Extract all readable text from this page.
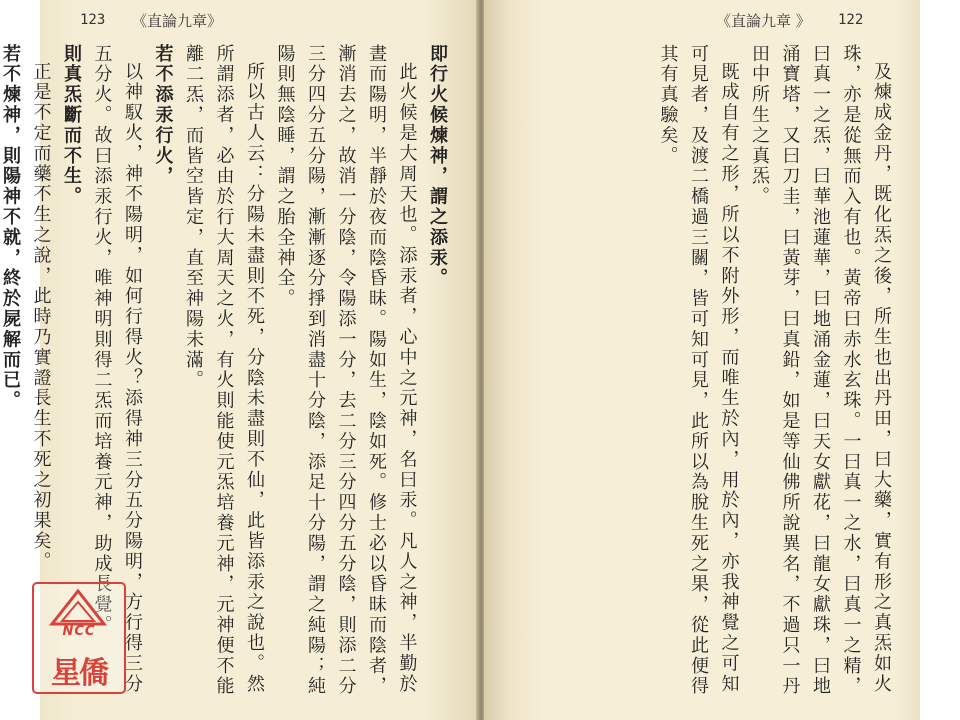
123 《直論九章》

即行火候煉神，謂之添汞。

此火候是大周天也。添汞者，心中之元神，名曰汞。凡人之神，半勤於晝而陽明，半靜於夜而陰昏昧。陽如生，陰如死。修士必以昏昧而陰者，漸消去之，故消一分陰，令陽添一分，去二分三分四分五分陰，則添二分三分四分五分陽，漸漸逐分掙到消盡十分陰，添足十分陽，謂之純陽；純陽則無陰睡，謂之胎全神全。

所以古人云：分陽未盡則不死，分陰未盡則不仙，此皆添汞之說也。然所謂添者，必由於行大周天之火，有火則能使元炁培養元神，元神便不能離二炁，而皆空皆定，直至神陽未滿。

若不添汞行火，

以神馭火，神不陽明，如何行得火？添得神三分五分陽明，方行得三分五分火。故曰添汞行火，唯神明則得二炁而培養元神，助成長覺。

則真炁斷而不生。

正是不定而藥不生之說，此時乃實證長生不死之初果矣。

若不煉神，則陽神不就，終於屍解而已。

《直論九章 》 122

及煉成金丹，既化炁之後，所生也出丹田，曰大藥，實有形之真炁如火珠，亦是從無而入有也。黃帝曰赤水玄珠。一曰真一之水，曰真一之精，曰真一之炁，曰華池蓮華，曰地涌金蓮，曰天女獻花，曰龍女獻珠，曰地涌寶塔，又曰刀圭，曰黃芽，曰真鉛，如是等仙佛所說異名，不過只一丹田中所生之真炁。

既成自有之形，所以不附外形，而唯生於內，用於內，亦我神覺之可知可見者，及渡二橋過三關，皆可知可見，此所以為脫生死之果，從此便得其有真驗矣。

NCC
星僑
